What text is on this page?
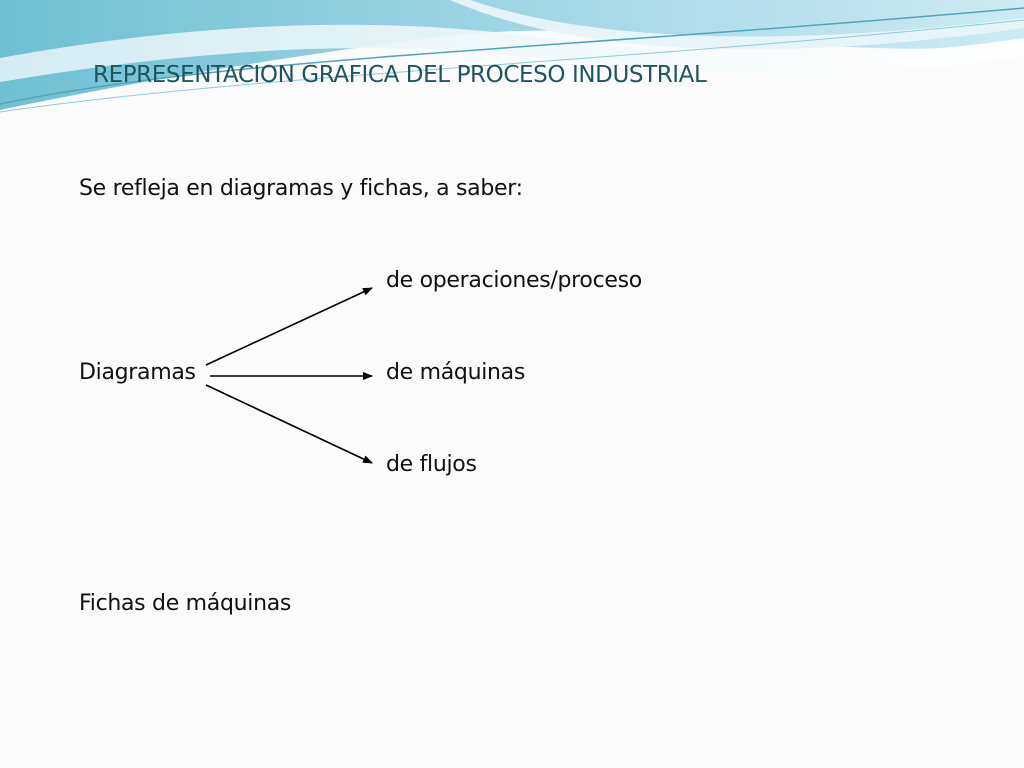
REPRESENTACION GRAFICA DEL PROCESO INDUSTRIAL
Se refleja en diagramas y fichas, a saber:
Diagramas
de operaciones/proceso
de máquinas
de flujos
Fichas de máquinas
